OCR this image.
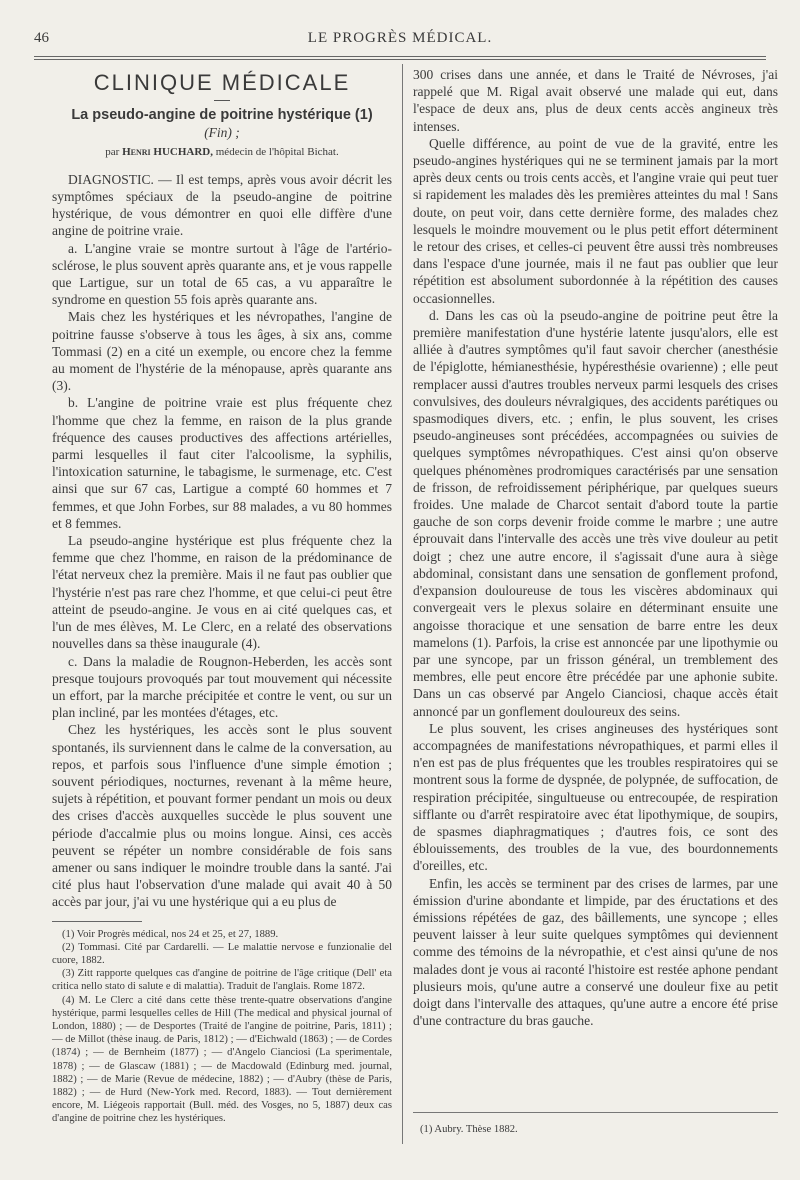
46	LE PROGRÈS MÉDICAL.
CLINIQUE MÉDICALE
La pseudo-angine de poitrine hystérique (1)
(Fin) ;
par Henri HUCHARD, médecin de l'hôpital Bichat.

DIAGNOSTIC. — Il est temps, après vous avoir décrit les symptômes spéciaux de la pseudo-angine de poitrine hystérique, de vous démontrer en quoi elle diffère d'une angine de poitrine vraie.

a. L'angine vraie se montre surtout à l'âge de l'artério-sclérose, le plus souvent après quarante ans, et je vous rappelle que Lartigue, sur un total de 65 cas, a vu apparaître le syndrome en question 55 fois après quarante ans.

Mais chez les hystériques et les névropathes, l'angine de poitrine fausse s'observe à tous les âges, à six ans, comme Tommasi (2) en a cité un exemple, ou encore chez la femme au moment de l'hystérie de la ménopause, après quarante ans (3).

b. L'angine de poitrine vraie est plus fréquente chez l'homme que chez la femme, en raison de la plus grande fréquence des causes productives des affections artérielles, parmi lesquelles il faut citer l'alcoolisme, la syphilis, l'intoxication saturnine, le tabagisme, le surmenage, etc. C'est ainsi que sur 67 cas, Lartigue a compté 60 hommes et 7 femmes, et que John Forbes, sur 88 malades, a vu 80 hommes et 8 femmes.

La pseudo-angine hystérique est plus fréquente chez la femme que chez l'homme, en raison de la prédominance de l'état nerveux chez la première. Mais il ne faut pas oublier que l'hystérie n'est pas rare chez l'homme, et que celui-ci peut être atteint de pseudo-angine. Je vous en ai cité quelques cas, et l'un de mes élèves, M. Le Clerc, en a relaté des observations nouvelles dans sa thèse inaugurale (4).

c. Dans la maladie de Rougnon-Heberden, les accès sont presque toujours provoqués par tout mouvement qui nécessite un effort, par la marche précipitée et contre le vent, ou sur un plan incliné, par les montées d'étages, etc.

Chez les hystériques, les accès sont le plus souvent spontanés, ils surviennent dans le calme de la conversation, au repos, et parfois sous l'influence d'une simple émotion ; souvent périodiques, nocturnes, revenant à la même heure, sujets à répétition, et pouvant former pendant un mois ou deux des crises d'accès auxquelles succède le plus souvent une période d'accalmie plus ou moins longue. Ainsi, ces accès peuvent se répéter un nombre considérable de fois sans amener ou sans indiquer le moindre trouble dans la santé. J'ai cité plus haut l'observation d'une malade qui avait 40 à 50 accès par jour, j'ai vu une hystérique qui a eu plus de

(1) Voir Progrès médical, nos 24 et 25, et 27, 1889.

(2) Tommasi. Cité par Cardarelli. — Le malattie nervose e funzionalie del cuore, 1882.

(3) Zitt rapporte quelques cas d'angine de poitrine de l'âge critique (Dell' eta critica nello stato di salute e di malattia). Traduit de l'anglais. Rome 1872.

(4) M. Le Clerc a cité dans cette thèse trente-quatre observations d'angine hystérique, parmi lesquelles celles de Hill (The medical and physical journal of London, 1880) ; — de Desportes (Traité de l'angine de poitrine, Paris, 1811) ; — de Millot (thèse inaug. de Paris, 1812) ; — d'Eichwald (1863) ; — de Cordes (1874) ; — de Bernheim (1877) ; — d'Angelo Cianciosi (La sperimentale, 1878) ; — de Glascaw (1881) ; — de Macdowald (Edinburg med. journal, 1882) ; — de Marie (Revue de médecine, 1882) ; — d'Aubry (thèse de Paris, 1882) ; — de Hurd (New-York med. Record, 1883). — Tout dernièrement encore, M. Liégeois rapportait (Bull. méd. des Vosges, no 5, 1887) deux cas d'angine de poitrine chez les hystériques.

300 crises dans une année, et dans le Traité de Névroses, j'ai rappelé que M. Rigal avait observé une malade qui eut, dans l'espace de deux ans, plus de deux cents accès angineux très intenses.

Quelle différence, au point de vue de la gravité, entre les pseudo-angines hystériques qui ne se terminent jamais par la mort après deux cents ou trois cents accès, et l'angine vraie qui peut tuer si rapidement les malades dès les premières atteintes du mal ! Sans doute, on peut voir, dans cette dernière forme, des malades chez lesquels le moindre mouvement ou le plus petit effort déterminent le retour des crises, et celles-ci peuvent être aussi très nombreuses dans l'espace d'une journée, mais il ne faut pas oublier que leur répétition est absolument subordonnée à la répétition des causes occasionnelles.

d. Dans les cas où la pseudo-angine de poitrine peut être la première manifestation d'une hystérie latente jusqu'alors, elle est alliée à d'autres symptômes qu'il faut savoir chercher (anesthésie de l'épiglotte, hémianesthésie, hypéresthésie ovarienne) ; elle peut remplacer aussi d'autres troubles nerveux parmi lesquels des crises convulsives, des douleurs névralgiques, des accidents parétiques ou spasmodiques divers, etc. ; enfin, le plus souvent, les crises pseudo-angineuses sont précédées, accompagnées ou suivies de quelques symptômes névropathiques. C'est ainsi qu'on observe quelques phénomènes prodromiques caractérisés par une sensation de frisson, de refroidissement périphérique, par quelques sueurs froides. Une malade de Charcot sentait d'abord toute la partie gauche de son corps devenir froide comme le marbre ; une autre éprouvait dans l'intervalle des accès une très vive douleur au petit doigt ; chez une autre encore, il s'agissait d'une aura à siège abdominal, consistant dans une sensation de gonflement profond, d'expansion douloureuse de tous les viscères abdominaux qui convergeait vers le plexus solaire en déterminant ensuite une angoisse thoracique et une sensation de barre entre les deux mamelons (1). Parfois, la crise est annoncée par une lipothymie ou par une syncope, par un frisson général, un tremblement des membres, elle peut encore être précédée par une aphonie subite. Dans un cas observé par Angelo Cianciosi, chaque accès était annoncé par un gonflement douloureux des seins.

Le plus souvent, les crises angineuses des hystériques sont accompagnées de manifestations névropathiques, et parmi elles il n'en est pas de plus fréquentes que les troubles respiratoires qui se montrent sous la forme de dyspnée, de polypnée, de suffocation, de respiration précipitée, singultueuse ou entrecoupée, de respiration sifflante ou d'arrêt respiratoire avec état lipothymique, de soupirs, de spasmes diaphragmatiques ; d'autres fois, ce sont des éblouissements, des troubles de la vue, des bourdonnements d'oreilles, etc.

Enfin, les accès se terminent par des crises de larmes, par une émission d'urine abondante et limpide, par des éructations et des émissions répétées de gaz, des bâillements, une syncope ; elles peuvent laisser à leur suite quelques symptômes qui deviennent comme des témoins de la névropathie, et c'est ainsi qu'une de nos malades dont je vous ai raconté l'histoire est restée aphone pendant plusieurs mois, qu'une autre a conservé une douleur fixe au petit doigt dans l'intervalle des attaques, qu'une autre a encore été prise d'une contracture du bras gauche.

(1) Aubry. Thèse 1882.
